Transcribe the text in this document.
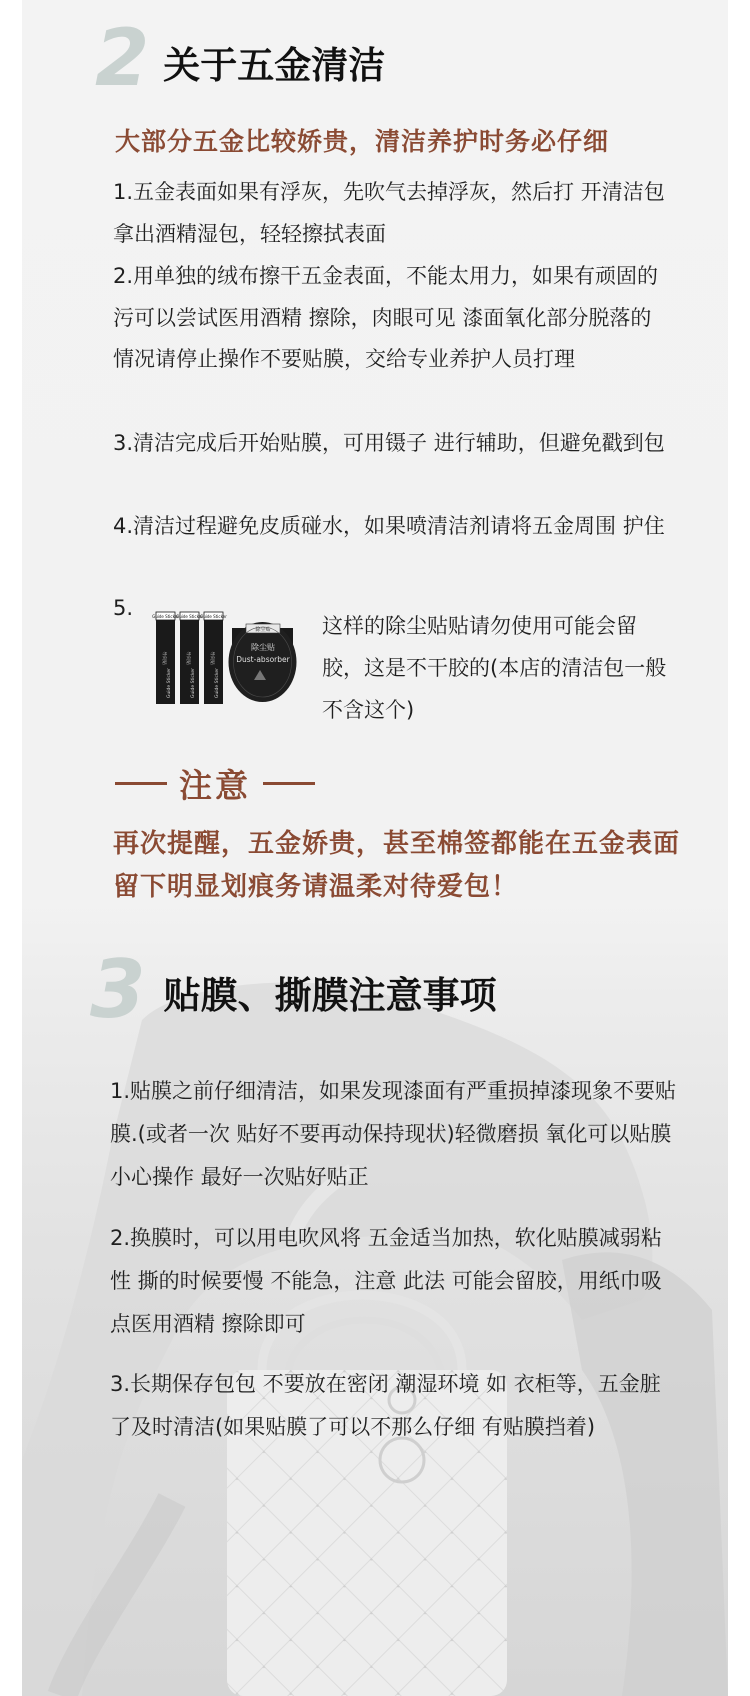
2 关于五金清洁
大部分五金比较娇贵，清洁养护时务必仔细

1.五金表面如果有浮灰，先吹气去掉浮灰，然后打 开清洁包拿出酒精湿包，轻轻擦拭表面

2.用单独的绒布擦干五金表面，不能太用力，如果有顽固的污可以尝试医用酒精 擦除，肉眼可见 漆面氧化部分脱落的情况请停止操作不要贴膜，交给专业养护人员打理

3.清洁完成后开始贴膜，可用镊子 进行辅助，但避免戳到包

4.清洁过程避免皮质碰水，如果喷清洁剂请将五金周围 护住

5.	Guide Sticker
Guide Sticker
Guide Sticker
导向贴	导向贴	导向贴
Guide Sticker	Guide Sticker	Guide Sticker
除尘贴
除尘贴
Dust-absorber

这样的除尘贴贴请勿使用可能会留胶，这是不干胶的(本店的清洁包一般不含这个)

注意

再次提醒，五金娇贵，甚至棉签都能在五金表面留下明显划痕务请温柔对待爱包！

3 贴膜、撕膜注意事项

1.贴膜之前仔细清洁，如果发现漆面有严重损掉漆现象不要贴膜.(或者一次 贴好不要再动保持现状)轻微磨损 氧化可以贴膜 小心操作 最好一次贴好贴正

2.换膜时，可以用电吹风将 五金适当加热，软化贴膜减弱粘性 撕的时候要慢 不能急，注意 此法 可能会留胶，用纸巾吸点医用酒精 擦除即可

3.长期保存包包 不要放在密闭 潮湿环境 如 衣柜等，五金脏了及时清洁(如果贴膜了可以不那么仔细 有贴膜挡着)
